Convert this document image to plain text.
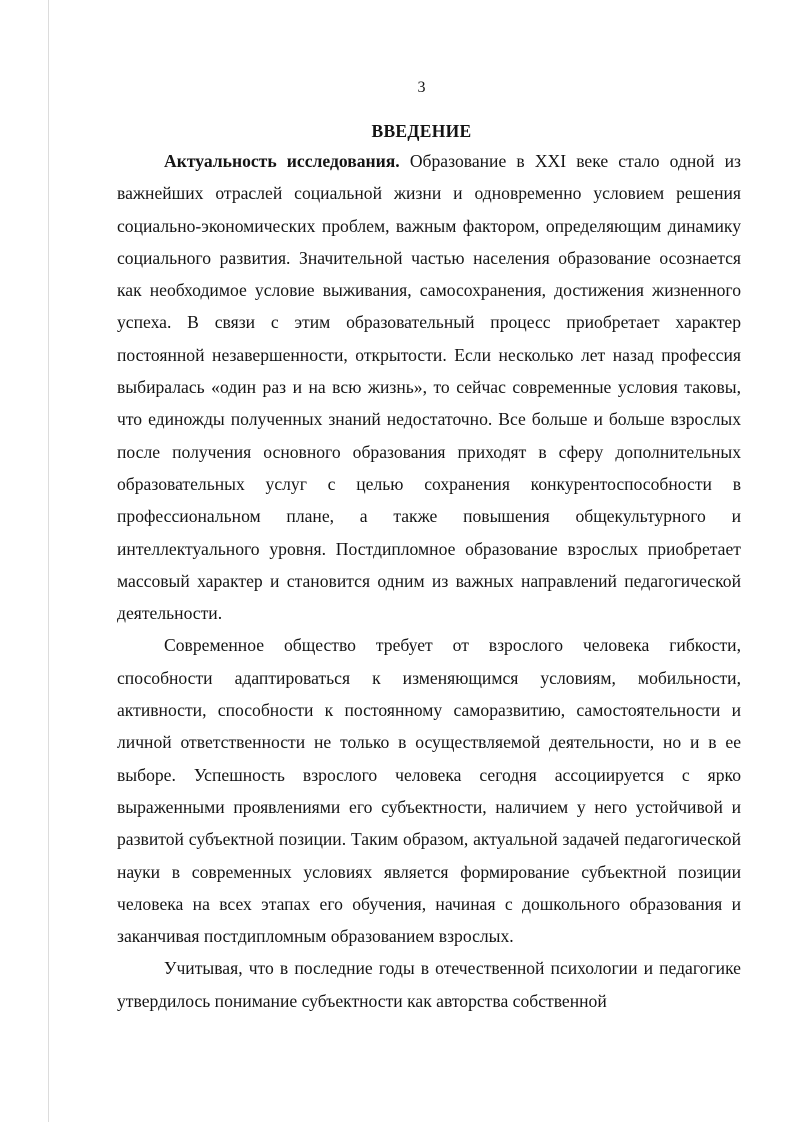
3
ВВЕДЕНИЕ

Актуальность исследования. Образование в XXI веке стало одной из важнейших отраслей социальной жизни и одновременно условием решения социально-экономических проблем, важным фактором, определяющим динамику социального развития. Значительной частью населения образование осознается как необходимое условие выживания, самосохранения, достижения жизненного успеха. В связи с этим образовательный процесс приобретает характер постоянной незавершенности, открытости. Если несколько лет назад профессия выбиралась «один раз и на всю жизнь», то сейчас современные условия таковы, что единожды полученных знаний недостаточно. Все больше и больше взрослых после получения основного образования приходят в сферу дополнительных образовательных услуг с целью сохранения конкурентоспособности в профессиональном плане, а также повышения общекультурного и интеллектуального уровня. Постдипломное образование взрослых приобретает массовый характер и становится одним из важных направлений педагогической деятельности.

Современное общество требует от взрослого человека гибкости, способности адаптироваться к изменяющимся условиям, мобильности, активности, способности к постоянному саморазвитию, самостоятельности и личной ответственности не только в осуществляемой деятельности, но и в ее выборе. Успешность взрослого человека сегодня ассоциируется с ярко выраженными проявлениями его субъектности, наличием у него устойчивой и развитой субъектной позиции. Таким образом, актуальной задачей педагогической науки в современных условиях является формирование субъектной позиции человека на всех этапах его обучения, начиная с дошкольного образования и заканчивая постдипломным образованием взрослых.

Учитывая, что в последние годы в отечественной психологии и педагогике утвердилось понимание субъектности как авторства собственной
